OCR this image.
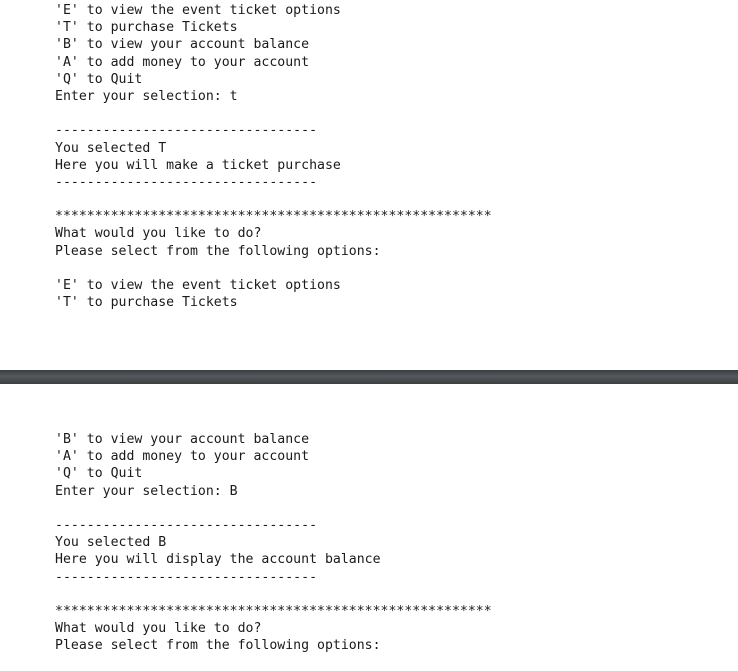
'E' to view the event ticket options
'T' to purchase Tickets
'B' to view your account balance
'A' to add money to your account
'Q' to Quit
Enter your selection: t
---------------------------------
You selected T
Here you will make a ticket purchase
---------------------------------
*******************************************************
What would you like to do?
Please select from the following options:
'E' to view the event ticket options
'T' to purchase Tickets
'B' to view your account balance
'A' to add money to your account
'Q' to Quit
Enter your selection: B
---------------------------------
You selected B
Here you will display the account balance
---------------------------------
*******************************************************
What would you like to do?
Please select from the following options:
